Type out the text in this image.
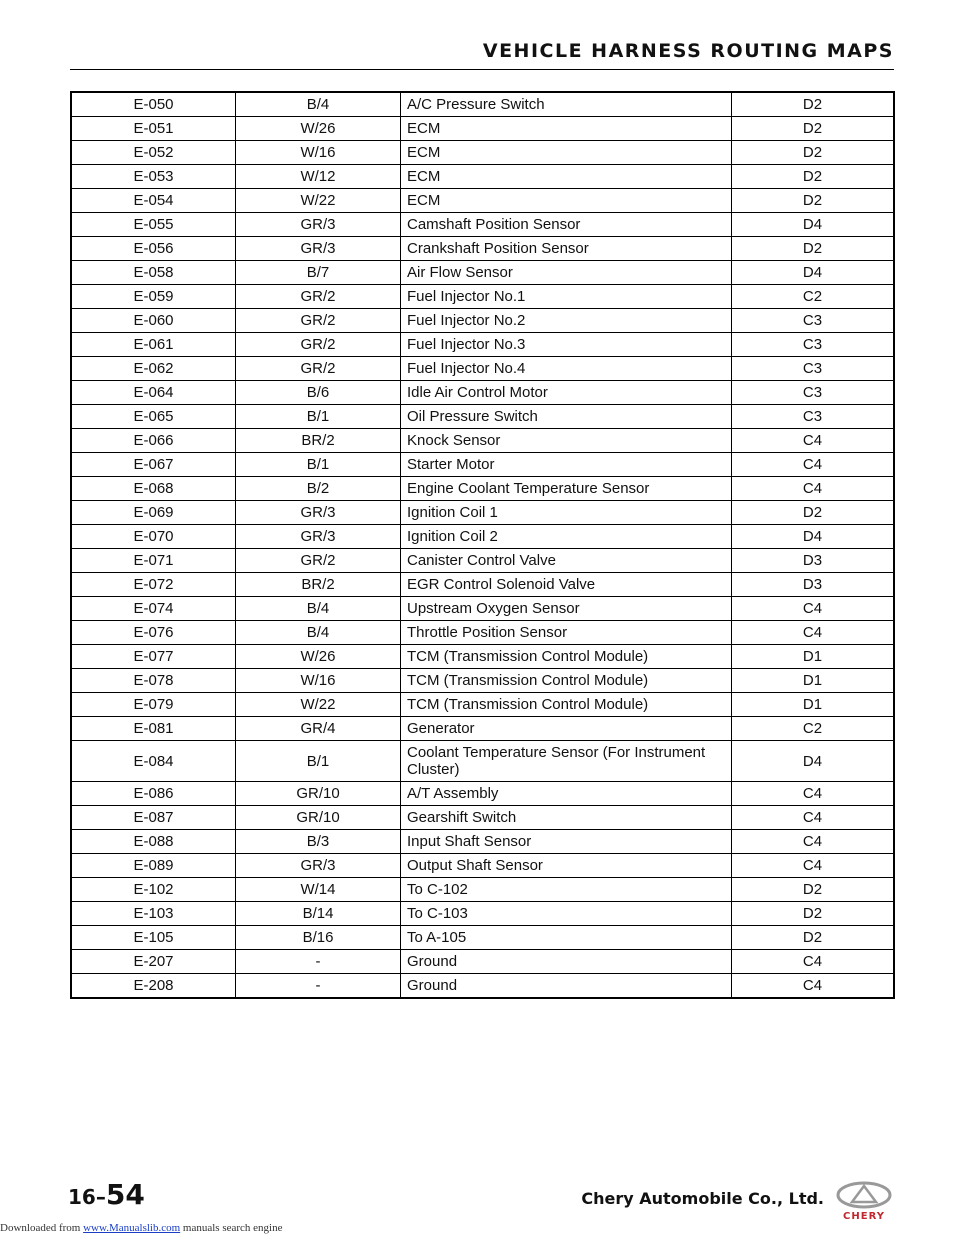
VEHICLE HARNESS ROUTING MAPS
E-050	B/4	A/C Pressure Switch	D2
E-051	W/26	ECM	D2
E-052	W/16	ECM	D2
E-053	W/12	ECM	D2
E-054	W/22	ECM	D2
E-055	GR/3	Camshaft Position Sensor	D4
E-056	GR/3	Crankshaft Position Sensor	D2
E-058	B/7	Air Flow Sensor	D4
E-059	GR/2	Fuel Injector No.1	C2
E-060	GR/2	Fuel Injector No.2	C3
E-061	GR/2	Fuel Injector No.3	C3
E-062	GR/2	Fuel Injector No.4	C3
E-064	B/6	Idle Air Control Motor	C3
E-065	B/1	Oil Pressure Switch	C3
E-066	BR/2	Knock Sensor	C4
E-067	B/1	Starter Motor	C4
E-068	B/2	Engine Coolant Temperature Sensor	C4
E-069	GR/3	Ignition Coil 1	D2
E-070	GR/3	Ignition Coil 2	D4
E-071	GR/2	Canister Control Valve	D3
E-072	BR/2	EGR Control Solenoid Valve	D3
E-074	B/4	Upstream Oxygen Sensor	C4
E-076	B/4	Throttle Position Sensor	C4
E-077	W/26	TCM (Transmission Control Module)	D1
E-078	W/16	TCM (Transmission Control Module)	D1
E-079	W/22	TCM (Transmission Control Module)	D1
E-081	GR/4	Generator	C2
E-084	B/1	Coolant Temperature Sensor (For Instrument Cluster)	D4
E-086	GR/10	A/T Assembly	C4
E-087	GR/10	Gearshift Switch	C4
E-088	B/3	Input Shaft Sensor	C4
E-089	GR/3	Output Shaft Sensor	C4
E-102	W/14	To C-102	D2
E-103	B/14	To C-103	D2
E-105	B/16	To A-105	D2
E-207	-	Ground	C4
E-208	-	Ground	C4
16–54	Chery Automobile Co., Ltd.
CHERY
Downloaded from www.Manualslib.com manuals search engine
